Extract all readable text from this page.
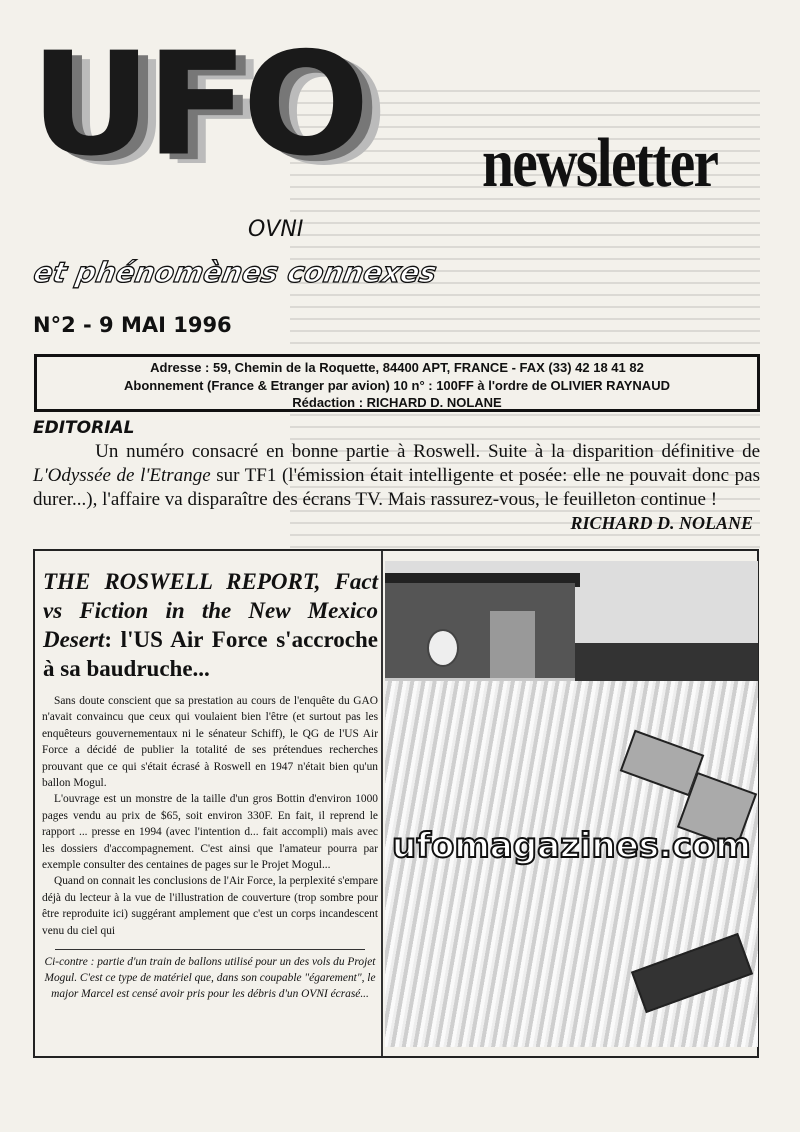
UFO newsletter
OVNI
et phénomènes connexes
N°2 - 9 MAI 1996
Adresse : 59, Chemin de la Roquette, 84400 APT, FRANCE - FAX (33) 42 18 41 82
Abonnement (France & Etranger par avion) 10 n° : 100FF à l'ordre de OLIVIER RAYNAUD
Rédaction : RICHARD D. NOLANE
EDITORIAL
Un numéro consacré en bonne partie à Roswell. Suite à la disparition définitive de L'Odyssée de l'Etrange sur TF1 (l'émission était intelligente et posée: elle ne pouvait donc pas durer...), l'affaire va disparaître des écrans TV. Mais rassurez-vous, le feuilleton continue !
RICHARD D. NOLANE
THE ROSWELL REPORT, Fact vs Fiction in the New Mexico Desert: l'US Air Force s'accroche à sa baudruche...

Sans doute conscient que sa prestation au cours de l'enquête du GAO n'avait convaincu que ceux qui voulaient bien l'être (et surtout pas les enquêteurs gouvernementaux ni le sénateur Schiff), le QG de l'US Air Force a décidé de publier la totalité de ses prétendues recherches prouvant que ce qui s'était écrasé à Roswell en 1947 n'était bien qu'un ballon Mogul.

L'ouvrage est un monstre de la taille d'un gros Bottin d'environ 1000 pages vendu au prix de $65, soit environ 330F. En fait, il reprend le rapport ... presse en 1994 (avec l'intention d... fait accompli) mais avec les dossiers d'accompagnement. C'est ainsi que l'amateur pourra par exemple consulter des centaines de pages sur le Projet Mogul...

Quand on connait les conclusions de l'Air Force, la perplexité s'empare déjà du lecteur à la vue de l'illustration de couverture (trop sombre pour être reproduite ici) suggérant amplement que c'est un corps incandescent venu du ciel qui

Ci-contre : partie d'un train de ballons utilisé pour un des vols du Projet Mogul. C'est ce type de matériel que, dans son coupable "égarement", le major Marcel est censé avoir pris pour les débris d'un OVNI écrasé...
ufomagazines.com
